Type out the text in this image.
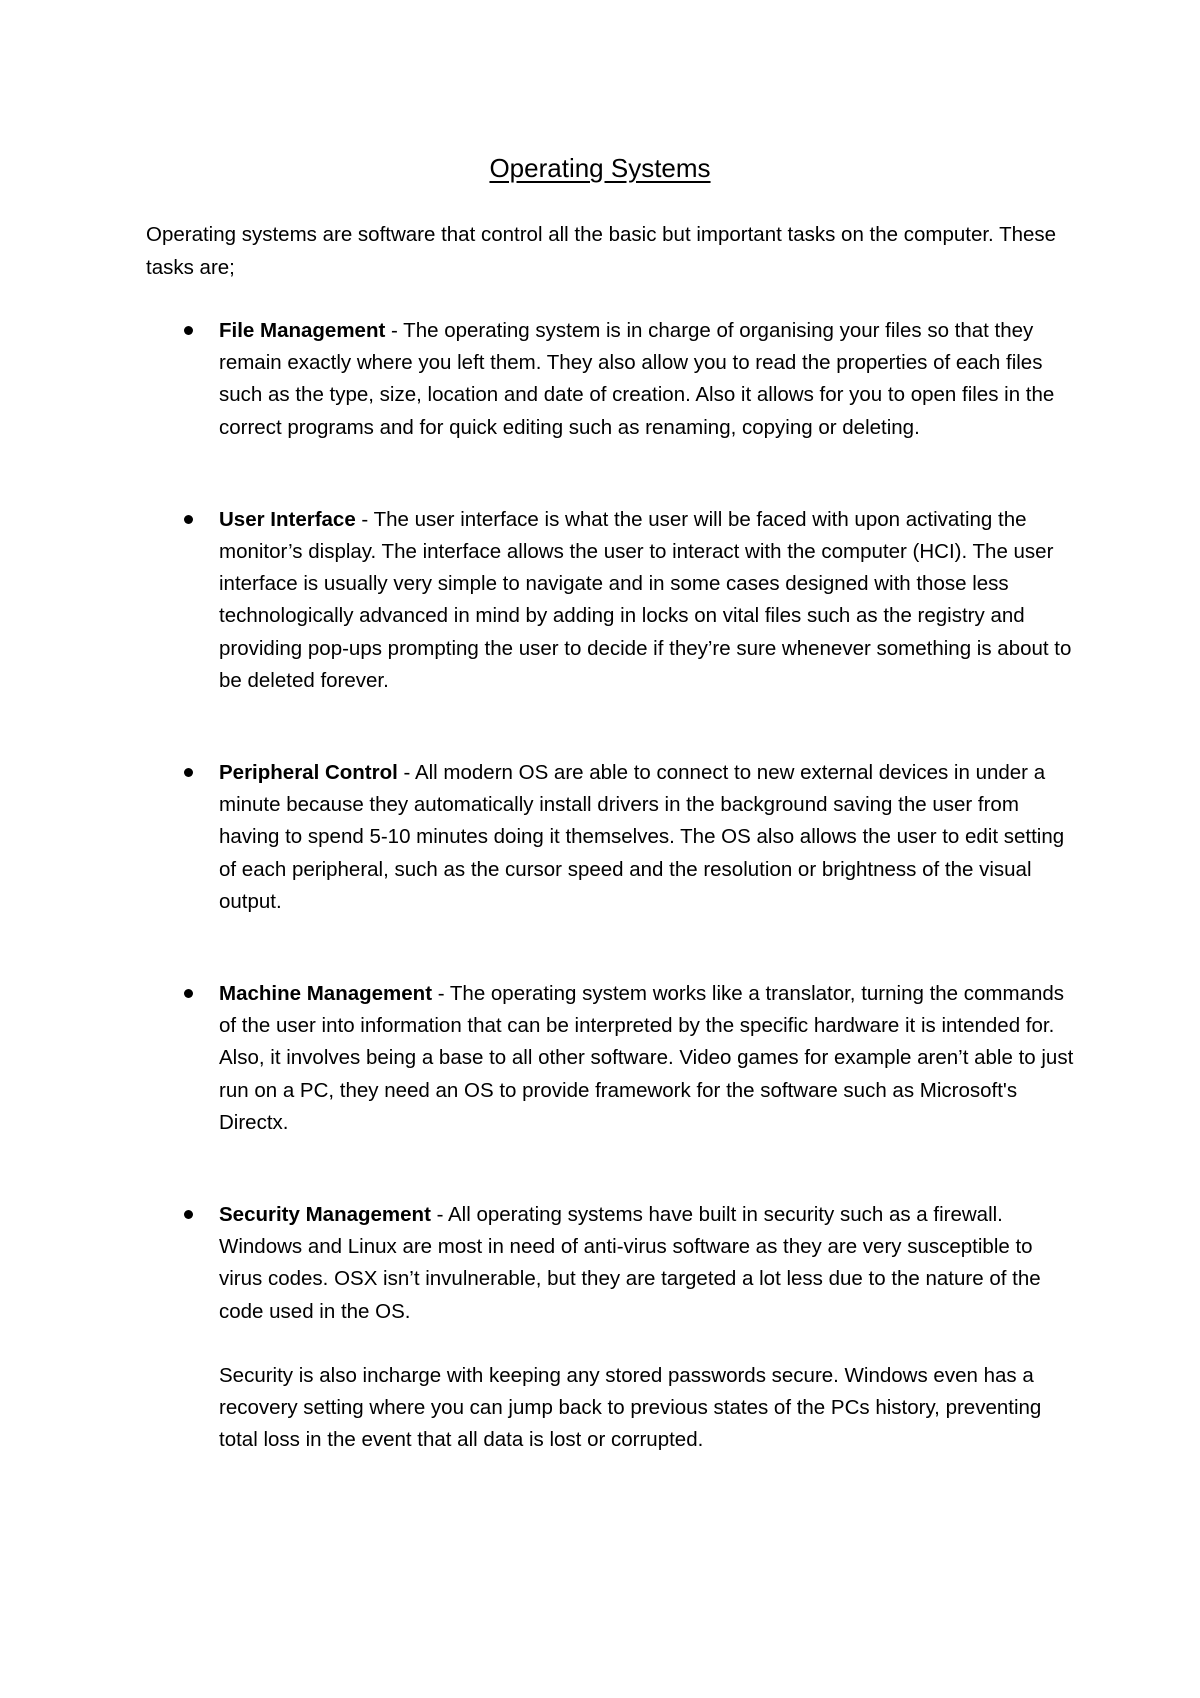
Operating Systems

Operating systems are software that control all the basic but important tasks on the computer. These tasks are;

File Management - The operating system is in charge of organising your files so that they remain exactly where you left them. They also allow you to read the properties of each files such as the type, size, location and date of creation. Also it allows for you to open files in the correct programs and for quick editing such as renaming, copying or deleting.

User Interface - The user interface is what the user will be faced with upon activating the monitor’s display. The interface allows the user to interact with the computer (HCI). The user interface is usually very simple to navigate and in some cases designed with those less technologically advanced in mind by adding in locks on vital files such as the registry and providing pop-ups prompting the user to decide if they’re sure whenever something is about to be deleted forever.

Peripheral Control - All modern OS are able to connect to new external devices in under a minute because they automatically install drivers in the background saving the user from having to spend 5-10 minutes doing it themselves. The OS also allows the user to edit setting of each peripheral, such as the cursor speed and the resolution or brightness of the visual output.

Machine Management - The operating system works like a translator, turning the commands of the user into information that can be interpreted by the specific hardware it is intended for. Also, it involves being a base to all other software. Video games for example aren’t able to just run on a PC, they need an OS to provide framework for the software such as Microsoft's Directx.

Security Management - All operating systems have built in security such as a firewall. Windows and Linux are most in need of anti-virus software as they are very susceptible to virus codes. OSX isn’t invulnerable, but they are targeted a lot less due to the nature of the code used in the OS.

Security is also incharge with keeping any stored passwords secure. Windows even has a recovery setting where you can jump back to previous states of the PCs history, preventing total loss in the event that all data is lost or corrupted.
